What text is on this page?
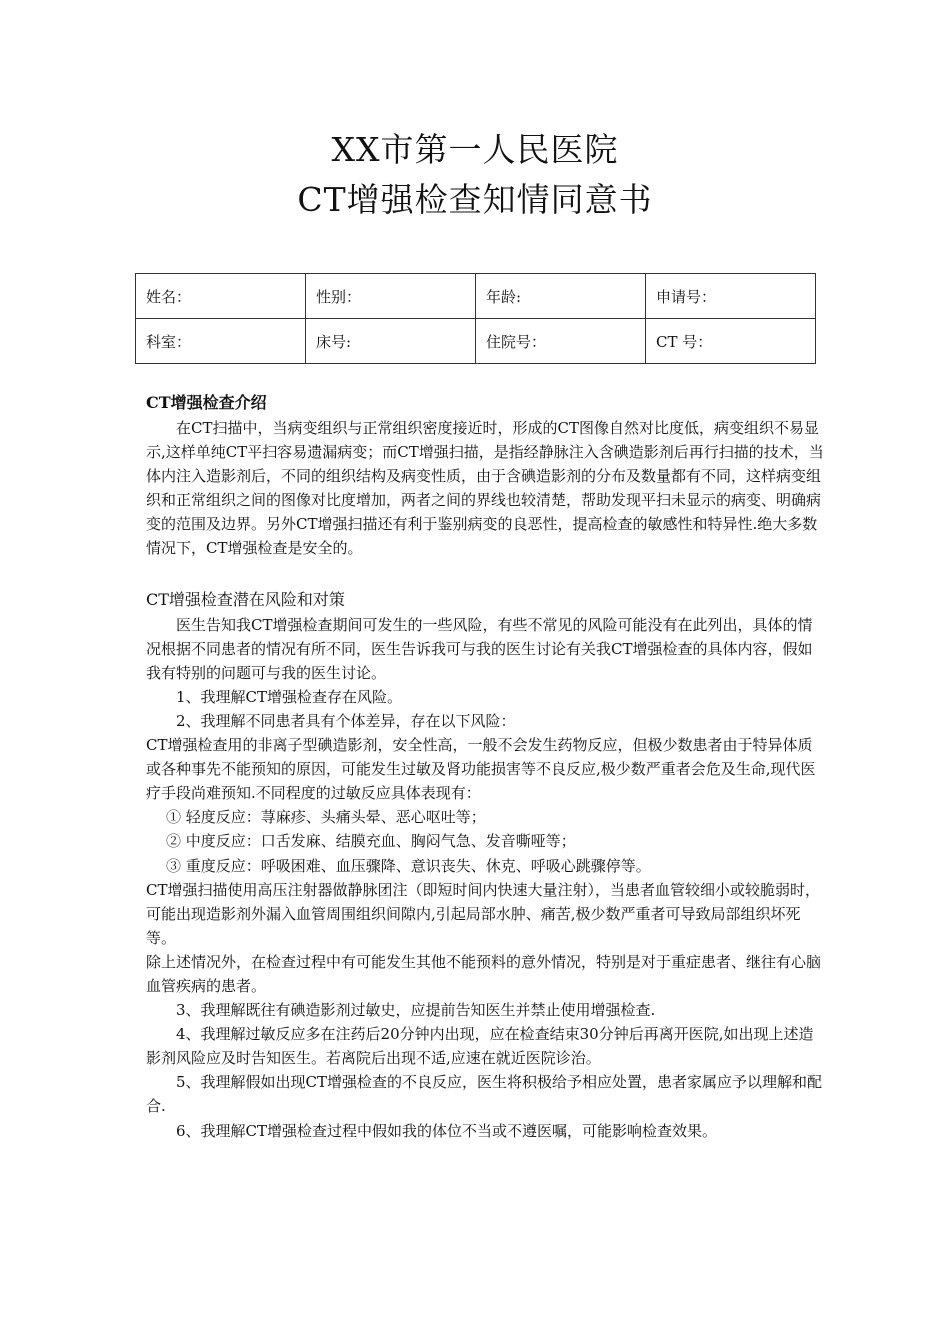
XX市第一人民医院
CT增强检查知情同意书
姓名：	性别：	年龄:	申请号：
科室：	床号:	住院号：	CT 号：
CT增强检查介绍

在CT扫描中，当病变组织与正常组织密度接近时，形成的CT图像自然对比度低，病变组织不易显示,这样单纯CT平扫容易遗漏病变；而CT增强扫描，是指经静脉注入含碘造影剂后再行扫描的技术，当体内注入造影剂后，不同的组织结构及病变性质，由于含碘造影剂的分布及数量都有不同，这样病变组织和正常组织之间的图像对比度增加，两者之间的界线也较清楚，帮助发现平扫未显示的病变、明确病变的范围及边界。另外CT增强扫描还有利于鉴别病变的良恶性，提高检查的敏感性和特异性.绝大多数情况下，CT增强检查是安全的。

CT增强检查潜在风险和对策

医生告知我CT增强检查期间可发生的一些风险，有些不常见的风险可能没有在此列出，具体的情况根据不同患者的情况有所不同，医生告诉我可与我的医生讨论有关我CT增强检查的具体内容，假如我有特别的问题可与我的医生讨论。

1、我理解CT增强检查存在风险。

2、我理解不同患者具有个体差异，存在以下风险：

CT增强检查用的非离子型碘造影剂，安全性高，一般不会发生药物反应，但极少数患者由于特异体质或各种事先不能预知的原因，可能发生过敏及肾功能损害等不良反应,极少数严重者会危及生命,现代医疗手段尚难预知.不同程度的过敏反应具体表现有：

① 轻度反应：荨麻疹、头痛头晕、恶心呕吐等；

② 中度反应：口舌发麻、结膜充血、胸闷气急、发音嘶哑等；

③ 重度反应：呼吸困难、血压骤降、意识丧失、休克、呼吸心跳骤停等。

CT增强扫描使用高压注射器做静脉团注（即短时间内快速大量注射），当患者血管较细小或较脆弱时，可能出现造影剂外漏入血管周围组织间隙内,引起局部水肿、痛苦,极少数严重者可导致局部组织坏死等。

除上述情况外，在检查过程中有可能发生其他不能预料的意外情况，特别是对于重症患者、继往有心脑血管疾病的患者。

3、我理解既往有碘造影剂过敏史，应提前告知医生并禁止使用增强检查.

4、我理解过敏反应多在注药后20分钟内出现，应在检查结束30分钟后再离开医院,如出现上述造影剂风险应及时告知医生。若离院后出现不适,应速在就近医院诊治。

5、我理解假如出现CT增强检查的不良反应，医生将积极给予相应处置，患者家属应予以理解和配合.

6、我理解CT增强检查过程中假如我的体位不当或不遵医嘱，可能影响检查效果。
